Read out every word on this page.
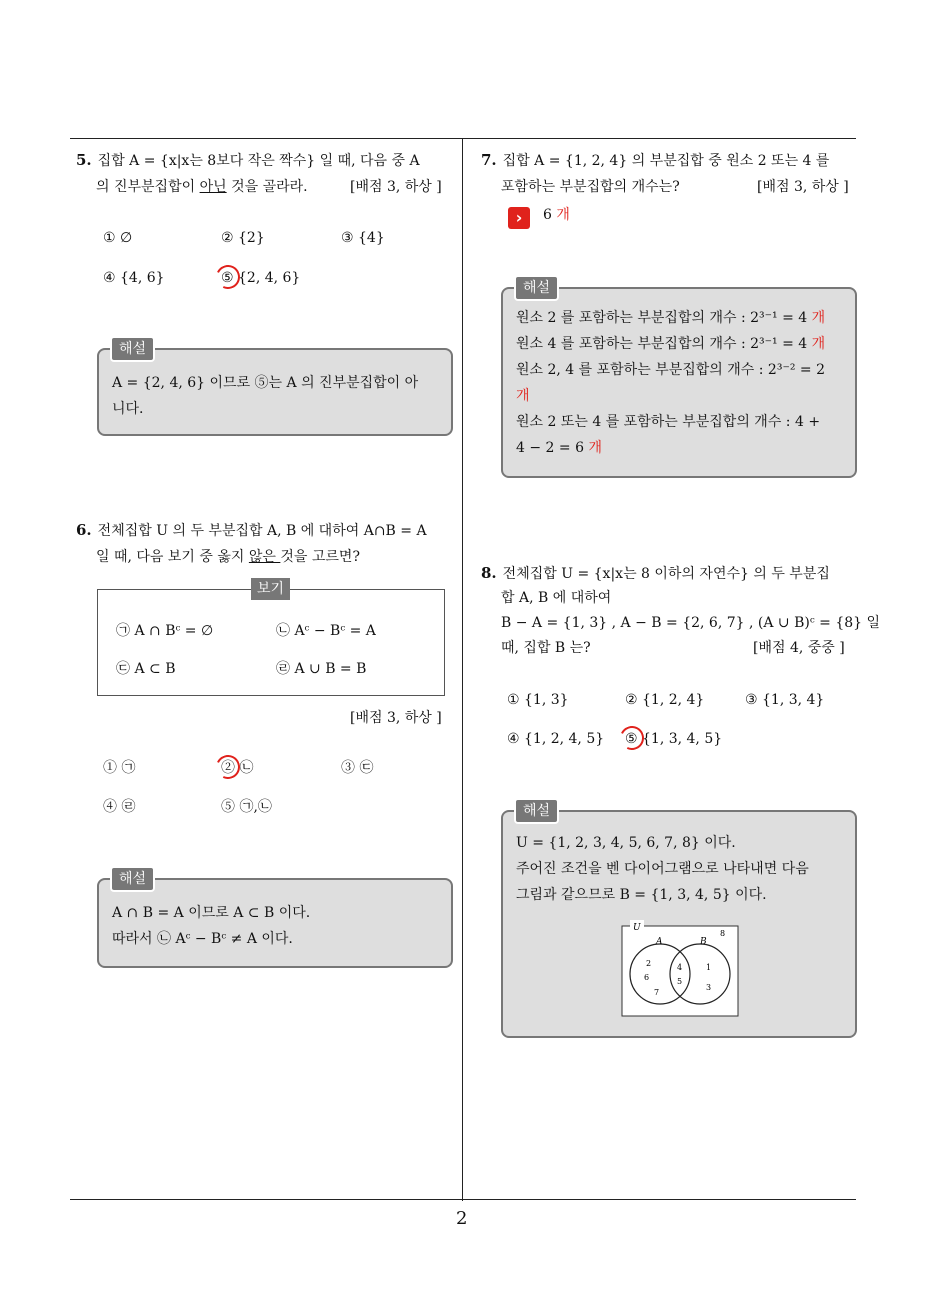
2
5. 집합 A = {x|x는 8보다 작은 짝수} 일 때, 다음 중 A
의 진부분집합이 아닌 것을 골라라.	[배점 3, 하상 ]
① ∅	② {2}	③ {4}
④ {4, 6}	⑤ {2, 4, 6}
A = {2, 4, 6} 이므로 ⑤는 A 의 진부분집합이 아
니다.
해설
6. 전체집합 U 의 두 부분집합 A, B 에 대하여 A∩B = A
일 때, 다음 보기 중 옳지 않은 것을 고르면?
㉠ A ∩ Bᶜ = ∅	㉡ Aᶜ − Bᶜ = A
㉢ A ⊂ B	㉣ A ∪ B = B
보기
[배점 3, 하상 ]
① ㉠	② ㉡	③ ㉢
④ ㉣	⑤ ㉠,㉡
A ∩ B = A 이므로 A ⊂ B 이다.
따라서 ㉡ Aᶜ − Bᶜ ≠ A 이다.
해설
7. 집합 A = {1, 2, 4} 의 부분집합 중 원소 2 또는 4 를
포함하는 부분집합의 개수는?	[배점 3, 하상 ]
›	6 개
원소 2 를 포함하는 부분집합의 개수 : 2³⁻¹ = 4 개
원소 4 를 포함하는 부분집합의 개수 : 2³⁻¹ = 4 개
원소 2, 4 를 포함하는 부분집합의 개수 : 2³⁻² = 2
개
원소 2 또는 4 를 포함하는 부분집합의 개수 : 4 +
4 − 2 = 6 개
해설
8. 전체집합 U = {x|x는 8 이하의 자연수} 의 두 부분집
합 A, B 에 대하여
B − A = {1, 3} , A − B = {2, 6, 7} , (A ∪ B)ᶜ = {8} 일
때, 집합 B 는?	[배점 4, 중중 ]
① {1, 3}	② {1, 2, 4}	③ {1, 3, 4}
④ {1, 2, 4, 5} ⑤ {1, 3, 4, 5}
U = {1, 2, 3, 4, 5, 6, 7, 8} 이다.
주어진 조건을 벤 다이어그램으로 나타내면 다음
그림과 같으므로 B = {1, 3, 4, 5} 이다.
U
A	B
8
2
6
7
4
5
1
3
해설
